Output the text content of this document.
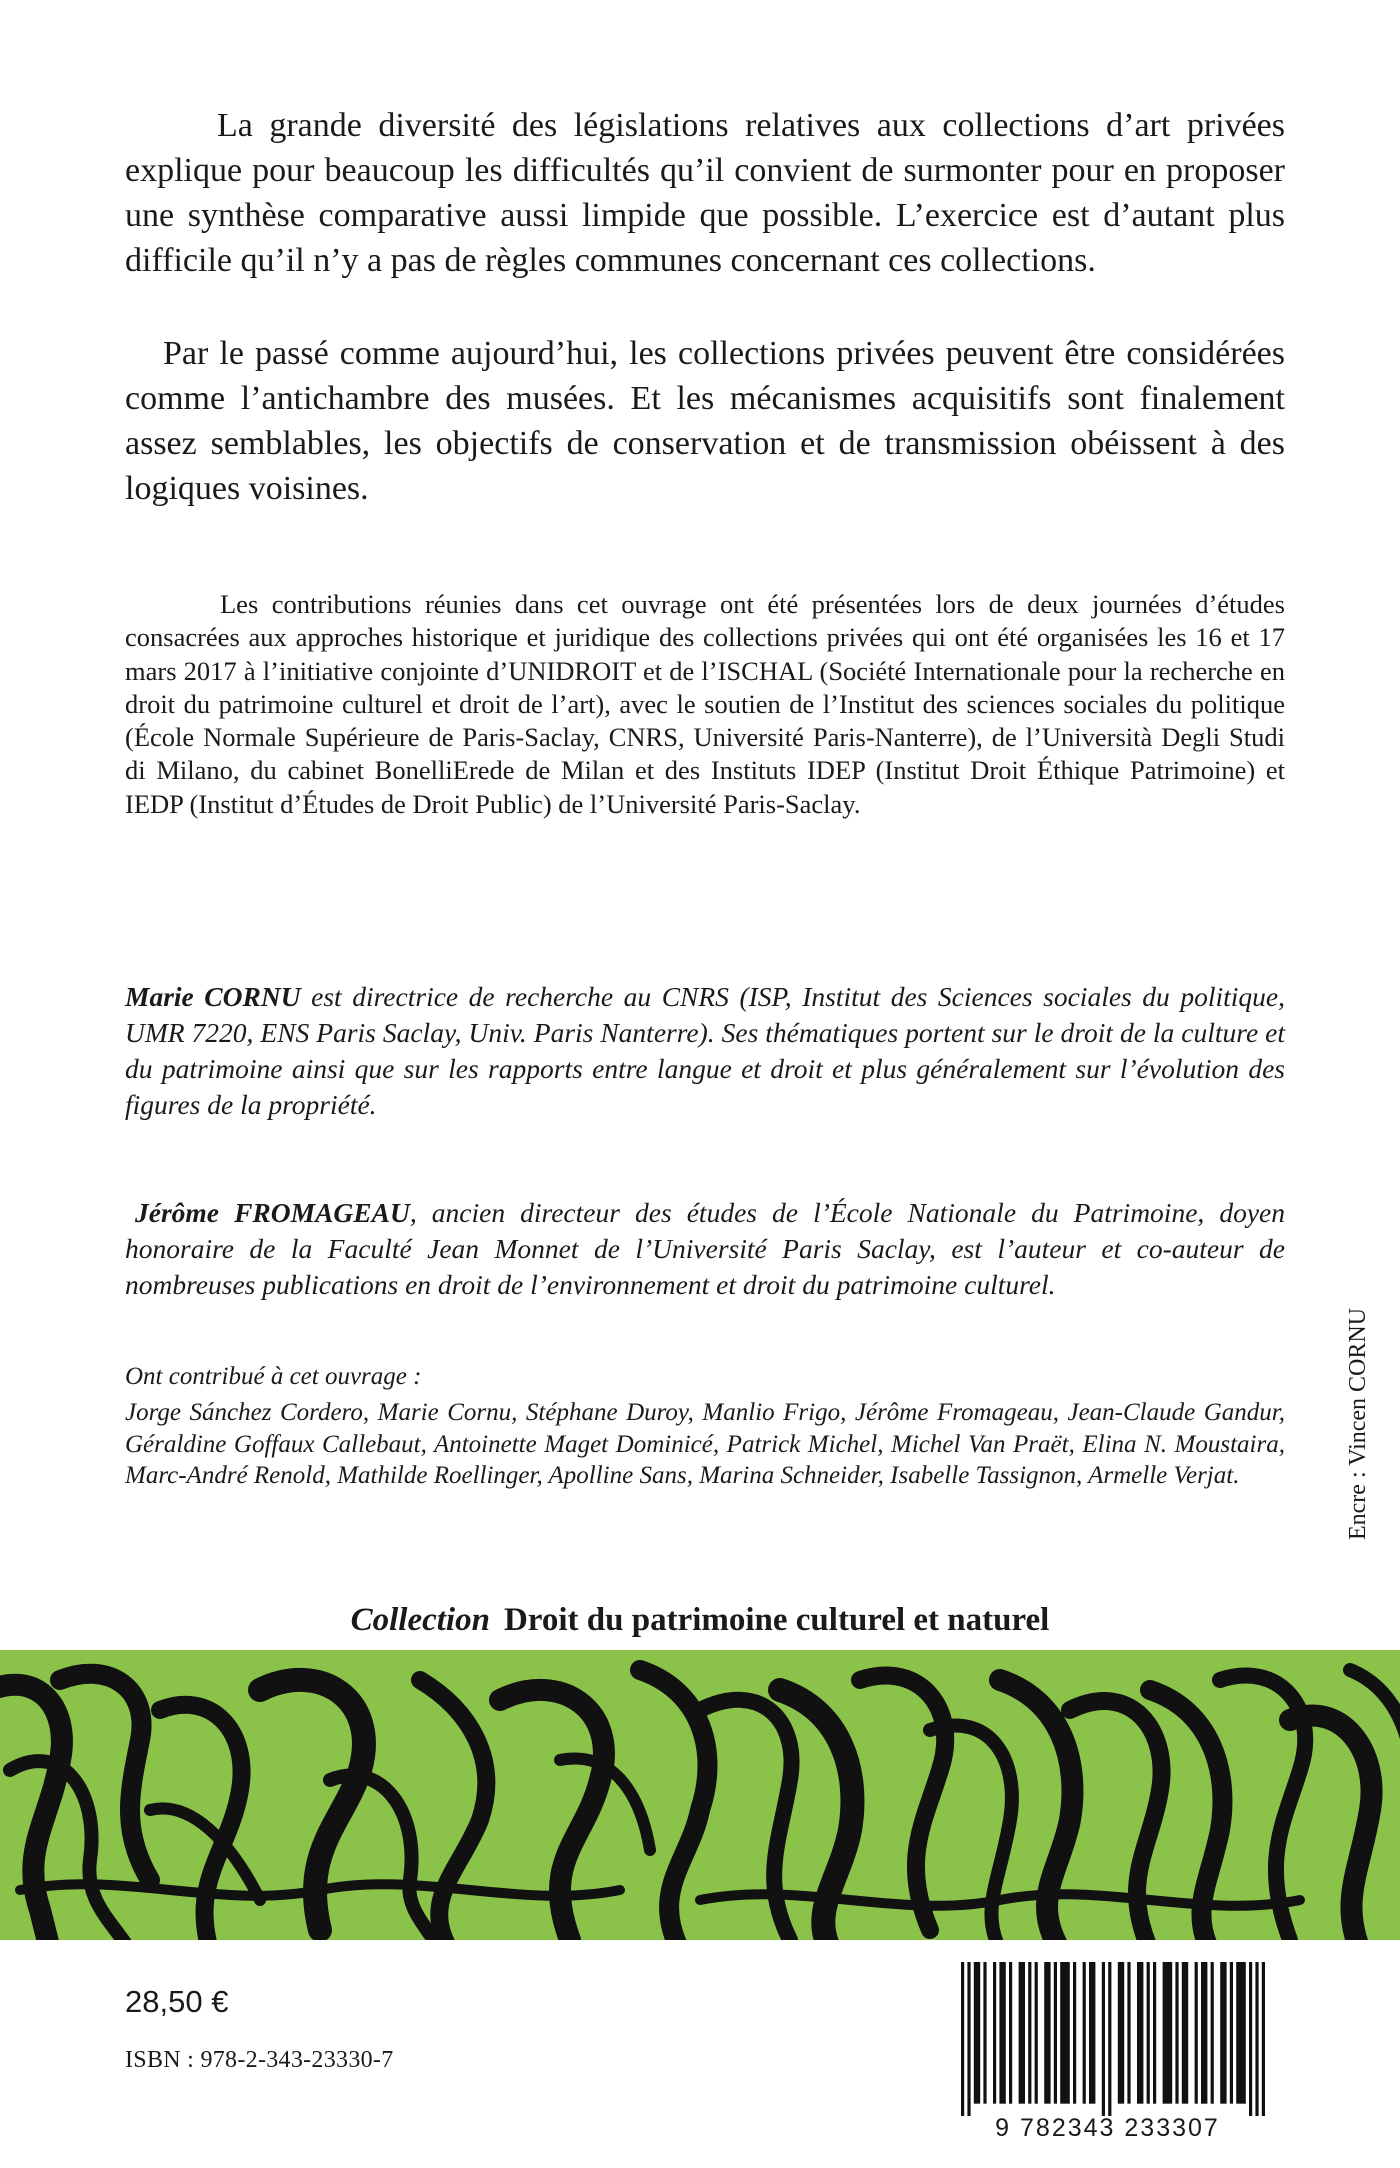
La grande diversité des législations relatives aux collections d’art privées explique pour beaucoup les difficultés qu’il convient de surmonter pour en proposer une synthèse comparative aussi limpide que possible. L’exercice est d’autant plus difficile qu’il n’y a pas de règles communes concernant ces collections.

Par le passé comme aujourd’hui, les collections privées peuvent être considérées comme l’antichambre des musées. Et les mécanismes acquisitifs sont finalement assez semblables, les objectifs de conservation et de transmission obéissent à des logiques voisines.

Les contributions réunies dans cet ouvrage ont été présentées lors de deux journées d’études consacrées aux approches historique et juridique des collections privées qui ont été organisées les 16 et 17 mars 2017 à l’initiative conjointe d’UNIDROIT et de l’ISCHAL (Société Internationale pour la recherche en droit du patrimoine culturel et droit de l’art), avec le soutien de l’Institut des sciences sociales du politique (École Normale Supérieure de Paris-Saclay, CNRS, Université Paris-Nanterre), de l’Università Degli Studi di Milano, du cabinet BonelliErede de Milan et des Instituts IDEP (Institut Droit Éthique Patrimoine) et IEDP (Institut d’Études de Droit Public) de l’Université Paris-Saclay.

Marie CORNU est directrice de recherche au CNRS (ISP, Institut des Sciences sociales du politique, UMR 7220, ENS Paris Saclay, Univ. Paris Nanterre). Ses thématiques portent sur le droit de la culture et du patrimoine ainsi que sur les rapports entre langue et droit et plus généralement sur l’évolution des figures de la propriété.

Jérôme FROMAGEAU, ancien directeur des études de l’École Nationale du Patrimoine, doyen honoraire de la Faculté Jean Monnet de l’Université Paris Saclay, est l’auteur et co-auteur de nombreuses publications en droit de l’environnement et droit du patrimoine culturel.

Ont contribué à cet ouvrage :

Jorge Sánchez Cordero, Marie Cornu, Stéphane Duroy, Manlio Frigo, Jérôme Fromageau, Jean-Claude Gandur, Géraldine Goffaux Callebaut, Antoinette Maget Dominicé, Patrick Michel, Michel Van Praët, Elina N. Moustaira, Marc-André Renold, Mathilde Roellinger, Apolline Sans, Marina Schneider, Isabelle Tassignon, Armelle Verjat.

Collection Droit du patrimoine culturel et naturel

Encre : Vincen CORNU

28,50 €

ISBN : 978-2-343-23330-7

9 782343 233307
